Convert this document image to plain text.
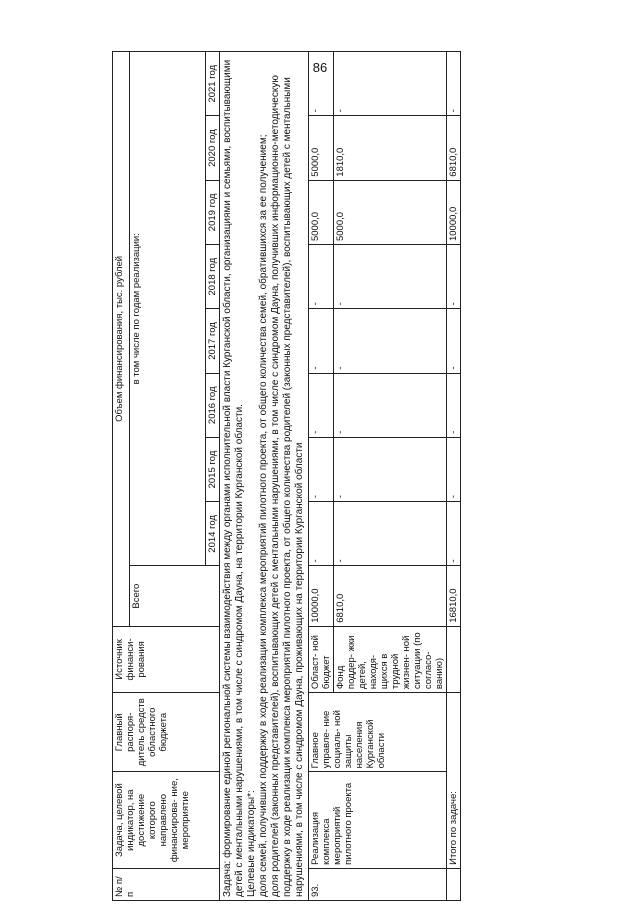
86
№ п/п	Задача, целевой индикатор, на достижение которого направлено финансирова- ние, мероприятие	Главный распоря- дитель средств областного бюджета	Источник финанси- рования	Объем финансирования, тыс. рублей								
				Всего	в том числе по годам реализации:							
					2014 год	2015 год	2016 год	2017 год	2018 год	2019 год	2020 год	2021 год

Задача: формирование единой региональной системы взаимодействия между органами исполнительной власти Курганской области, организациями и семьями, воспитывающими детей с ментальными нарушениями, в том числе с синдромом Дауна, на территории Курганской области. Целевые индикаторы*: доля семей, получивших поддержку в ходе реализации комплекса мероприятий пилотного проекта, от общего количества семей, обратившихся за ее получением; доля родителей (законных представителей), воспитывающих детей с ментальными нарушениями, в том числе с синдромом Дауна, получивших информационно-методическую поддержку в ходе реализации комплекса мероприятий пилотного проекта, от общего количества родителей (законных представителей), воспитывающих детей с ментальными нарушениями, в том числе с синдромом Дауна, проживающих на территории Курганской области												

93.	Реализация комплекса мероприятий пилотного проекта	Главное управле- ние социаль- ной защиты населения Курганской области	Област- ной бюджет	10000,0	-	-	-	-	-	5000,0	5000,0	-
			Фонд поддер- жки детей, находя- щихся в трудной жизнен- ной ситуации (по согласо- ванию)	6810,0	-	-	-	-	-	5000,0	1810,0	-
	Итого по задаче:			16810,0	-	-	-	-	-	10000,0	6810,0	-
